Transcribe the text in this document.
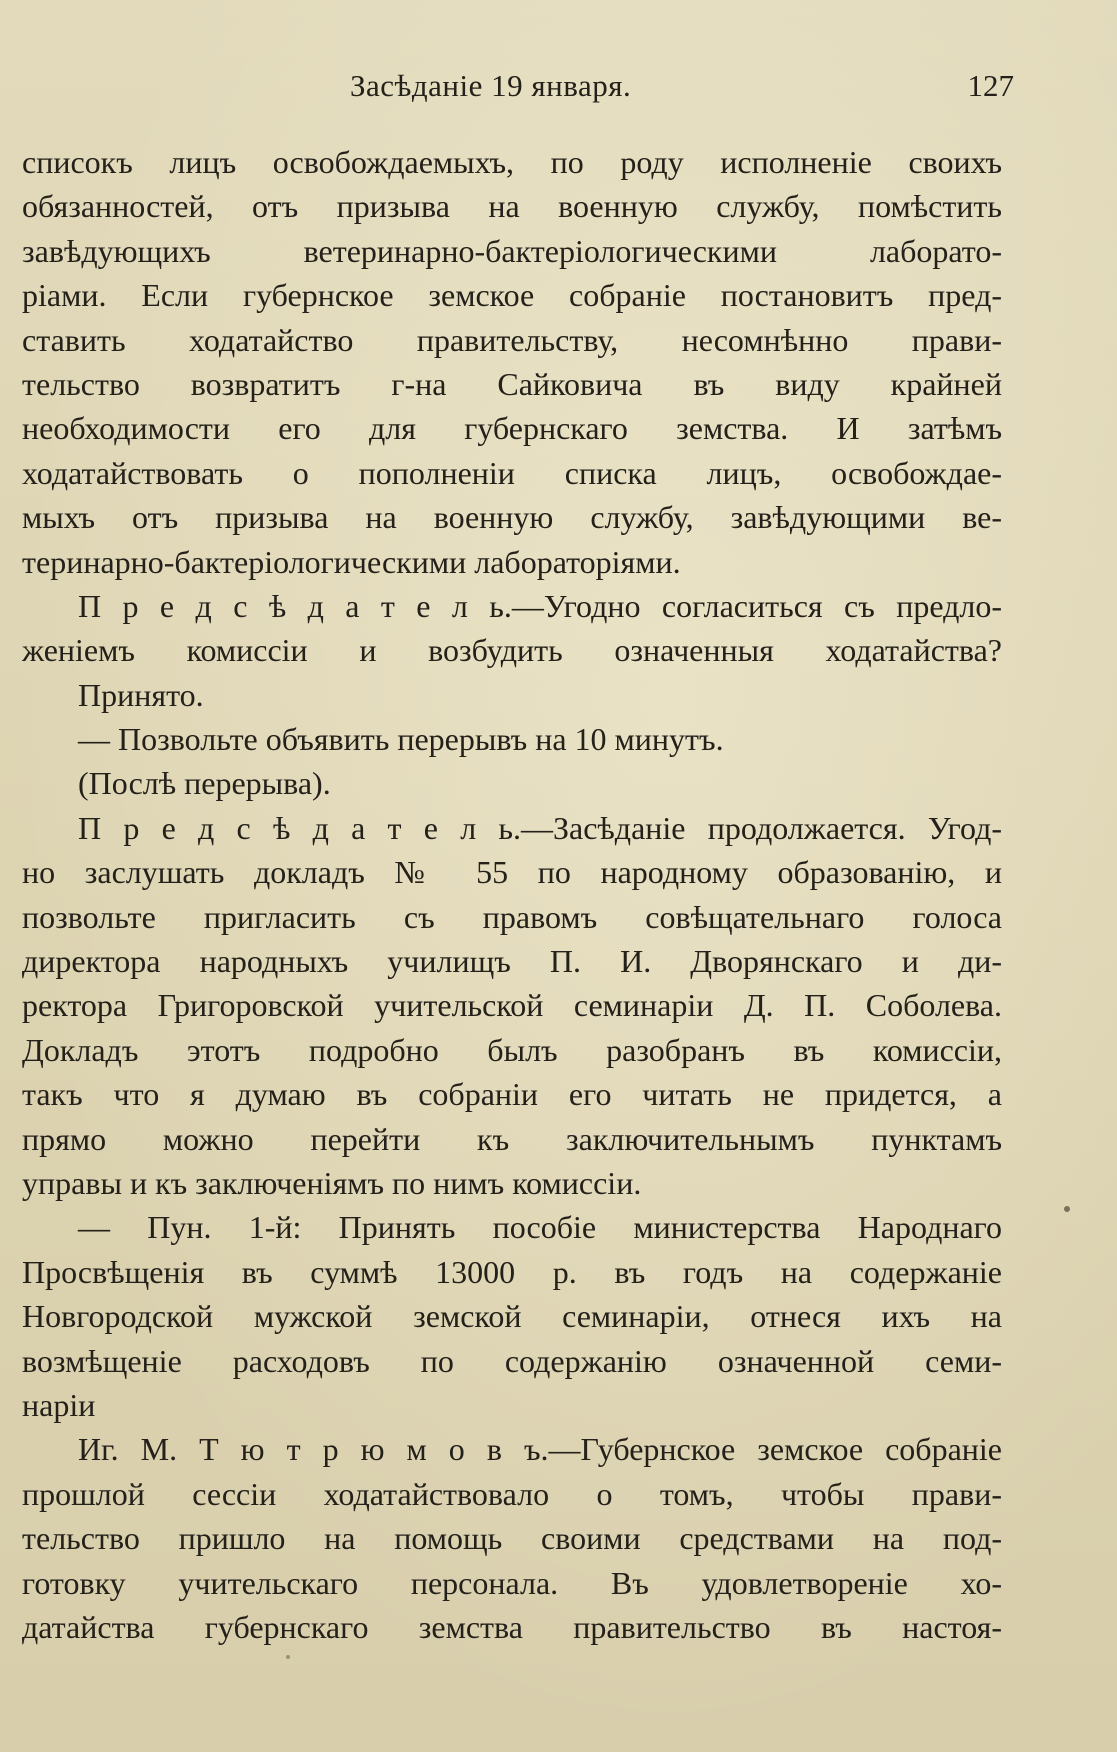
Засѣданіе 19 января.	127
списокъ лицъ освобождаемыхъ, по роду исполненіе своихъ
обязанностей, отъ призыва на военную службу, помѣстить
завѣдующихъ ветеринарно-бактеріологическими лаборато-
ріами. Если губернское земское собраніе постановитъ пред-
ставить ходатайство правительству, несомнѣнно прави-
тельство возвратитъ г-на Сайковича въ виду крайней
необходимости его для губернскаго земства. И затѣмъ
ходатайствовать о пополненіи списка лицъ, освобождае-
мыхъ отъ призыва на военную службу, завѣдующими ве-
теринарно-бактеріологическими лабораторіями.
П р е д с ѣ д а т е л ь.—Угодно согласиться съ предло-
женіемъ комиссіи и возбудить означенныя ходатайства?
Принято.
— Позвольте объявить перерывъ на 10 минутъ.
(Послѣ перерыва).
П р е д с ѣ д а т е л ь.—Засѣданіе продолжается. Угод-
но заслушать докладъ № 55 по народному образованію, и
позвольте пригласить съ правомъ совѣщательнаго голоса
директора народныхъ училищъ П. И. Дворянскаго и ди-
ректора Григоровской учительской семинаріи Д. П. Соболева.
Докладъ этотъ подробно былъ разобранъ въ комиссіи,
такъ что я думаю въ собраніи его читать не придется, а
прямо можно перейти къ заключительнымъ пунктамъ
управы и къ заключеніямъ по нимъ комиссіи.
— Пун. 1-й: Принять пособіе министерства Народнаго
Просвѣщенія въ суммѣ 13000 р. въ годъ на содержаніе
Новгородской мужской земской семинаріи, отнеся ихъ на
возмѣщеніе расходовъ по содержанію означенной семи-
наріи
Иг. М. Т ю т р ю м о в ъ.—Губернское земское собраніе
прошлой сессіи ходатайствовало о томъ, чтобы прави-
тельство пришло на помощь своими средствами на под-
готовку учительскаго персонала. Въ удовлетвореніе хо-
датайства губернскаго земства правительство въ настоя-
